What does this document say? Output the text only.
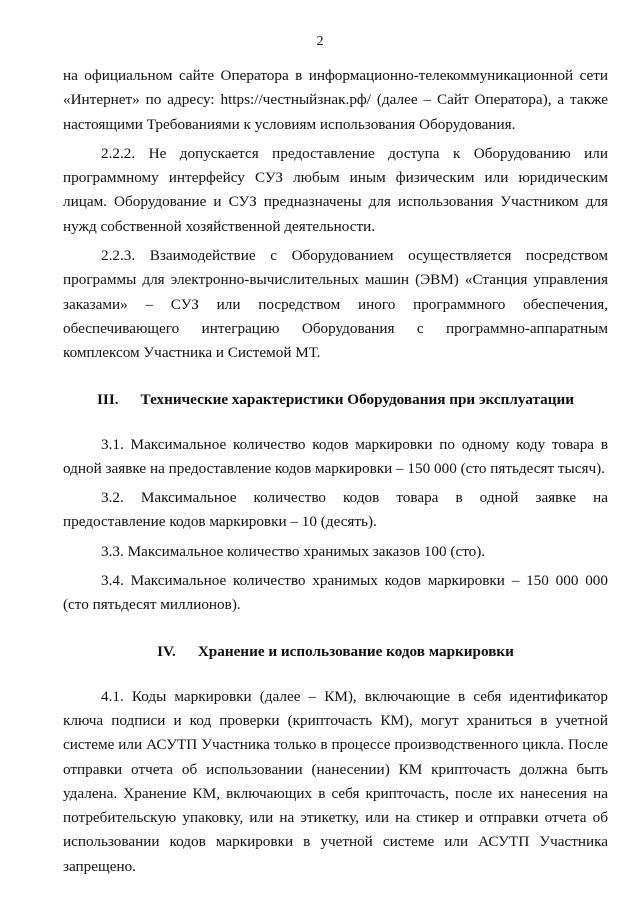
2

на официальном сайте Оператора в информационно-телекоммуникационной сети «Интернет» по адресу: https://честныйзнак.рф/ (далее – Сайт Оператора), а также настоящими Требованиями к условиям использования Оборудования.

2.2.2. Не допускается предоставление доступа к Оборудованию или программному интерфейсу СУЗ любым иным физическим или юридическим лицам. Оборудование и СУЗ предназначены для использования Участником для нужд собственной хозяйственной деятельности.

2.2.3. Взаимодействие с Оборудованием осуществляется посредством программы для электронно-вычислительных машин (ЭВМ) «Станция управления заказами» – СУЗ или посредством иного программного обеспечения, обеспечивающего интеграцию Оборудования с программно-аппаратным комплексом Участника и Системой МТ.

III. Технические характеристики Оборудования при эксплуатации

3.1. Максимальное количество кодов маркировки по одному коду товара в одной заявке на предоставление кодов маркировки – 150 000 (сто пятьдесят тысяч).

3.2. Максимальное количество кодов товара в одной заявке на предоставление кодов маркировки – 10 (десять).

3.3. Максимальное количество хранимых заказов 100 (сто).

3.4. Максимальное количество хранимых кодов маркировки – 150 000 000 (сто пятьдесят миллионов).

IV. Хранение и использование кодов маркировки

4.1. Коды маркировки (далее – КМ), включающие в себя идентификатор ключа подписи и код проверки (крипточасть КМ), могут храниться в учетной системе или АСУТП Участника только в процессе производственного цикла. После отправки отчета об использовании (нанесении) КМ крипточасть должна быть удалена. Хранение КМ, включающих в себя крипточасть, после их нанесения на потребительскую упаковку, или на этикетку, или на стикер и отправки отчета об использовании кодов маркировки в учетной системе или АСУТП Участника запрещено.
